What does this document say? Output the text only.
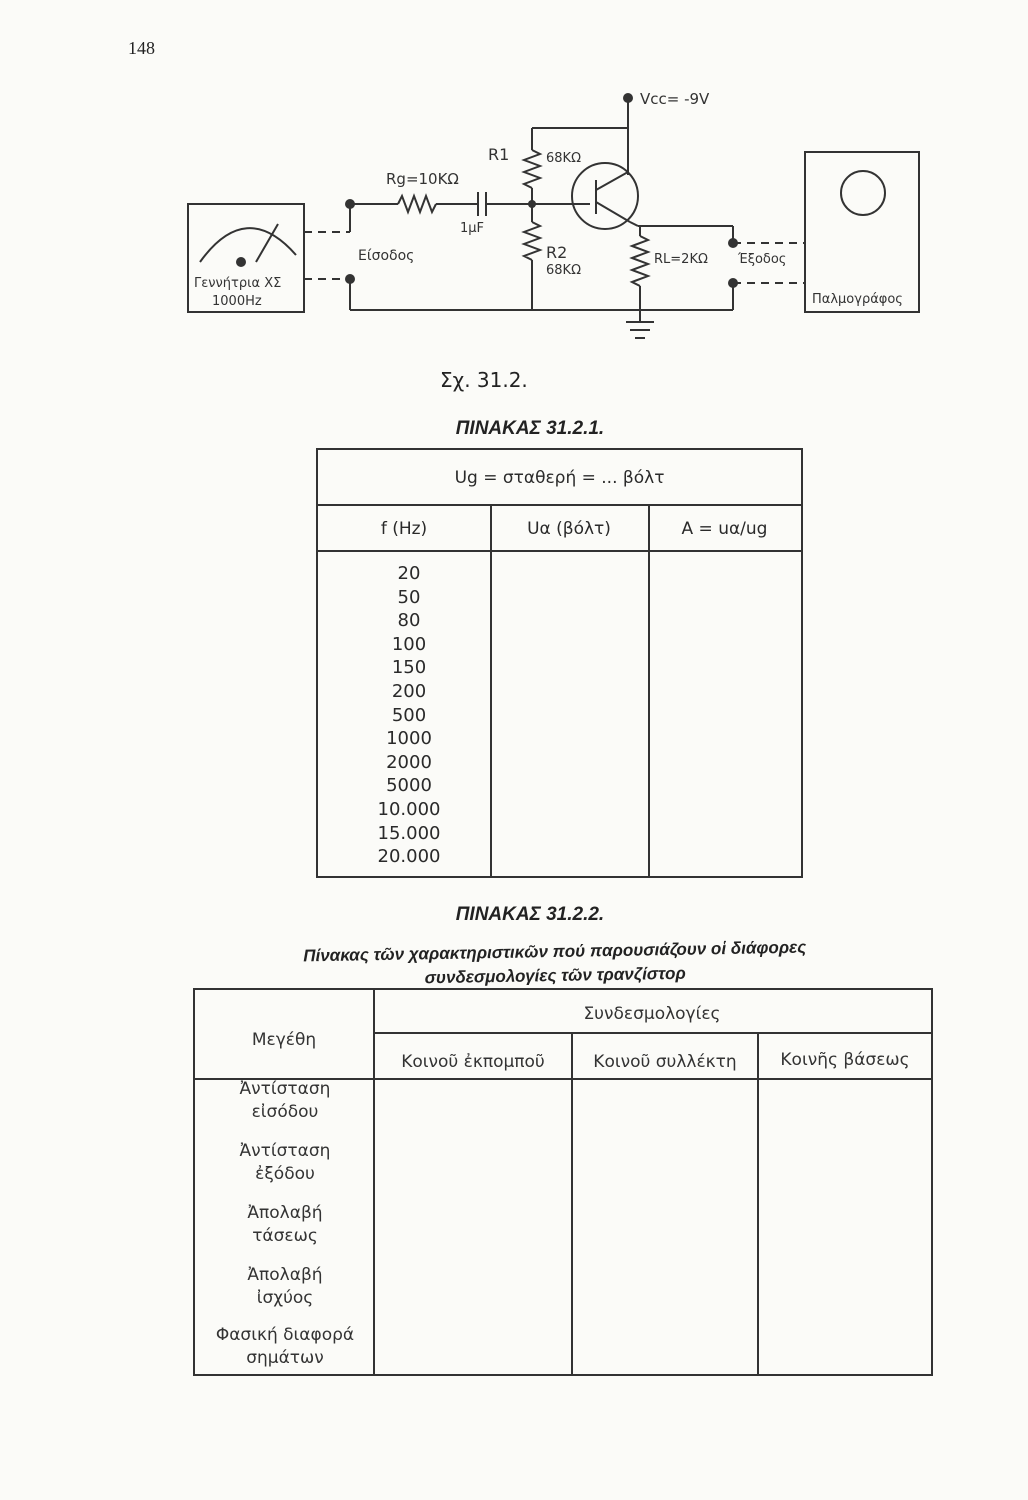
148
Vcc= -9V
Rg=10KΩ
R1	68KΩ
1μF
R2
68KΩ
RL=2KΩ
Είσοδος	Έξοδος
Γεννήτρια ΧΣ
1000Hz	Παλμογράφος
Σχ. 31.2.
ΠΙΝΑΚΑΣ 31.2.1.
Ug = σταθερή = ... βόλτ
f (Hz)	Uα (βόλτ)	A = uα/ug
20
50
80
100
150
200
500
1000
2000
5000
10.000
15.000
20.000
ΠΙΝΑΚΑΣ 31.2.2.
Πίνακας τῶν χαρακτηριστικῶν πού παρουσιάζουν οἱ διάφορες
συνδεσμολογίες τῶν τρανζίστορ
Μεγέθη
Συνδεσμολογίες
Κοινοῦ ἐκπομποῦ	Κοινοῦ συλλέκτη	Κοινῆς βάσεως
Ἀντίσταση
εἰσόδου
Ἀντίσταση
ἐξόδου
Ἀπολαβή
τάσεως
Ἀπολαβή
ἰσχύος
Φασική διαφορά
σημάτων
